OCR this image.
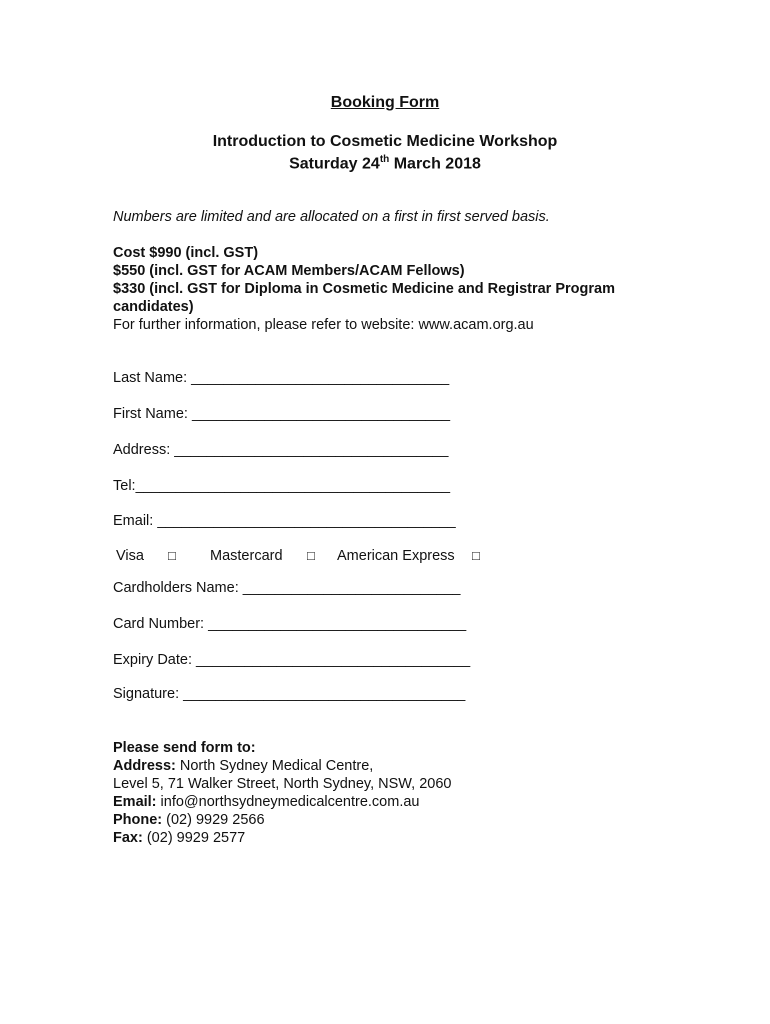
Booking Form
Introduction to Cosmetic Medicine Workshop
Saturday 24th March 2018
Numbers are limited and are allocated on a first in first served basis.
Cost $990 (incl. GST)
$550 (incl. GST for ACAM Members/ACAM Fellows)
$330 (incl. GST for Diploma in Cosmetic Medicine and Registrar Program
candidates)
For further information, please refer to website: www.acam.org.au
Last Name: ________________________________
First Name: ________________________________
Address: __________________________________
Tel:_______________________________________
Email: _____________________________________
Visa □ Mastercard □ American Express □
Cardholders Name: ___________________________
Card Number: ________________________________
Expiry Date: __________________________________
Signature: ___________________________________
Please send form to:
Address: North Sydney Medical Centre,
Level 5, 71 Walker Street, North Sydney, NSW, 2060
Email: info@northsydneymedicalcentre.com.au
Phone: (02) 9929 2566
Fax: (02) 9929 2577
